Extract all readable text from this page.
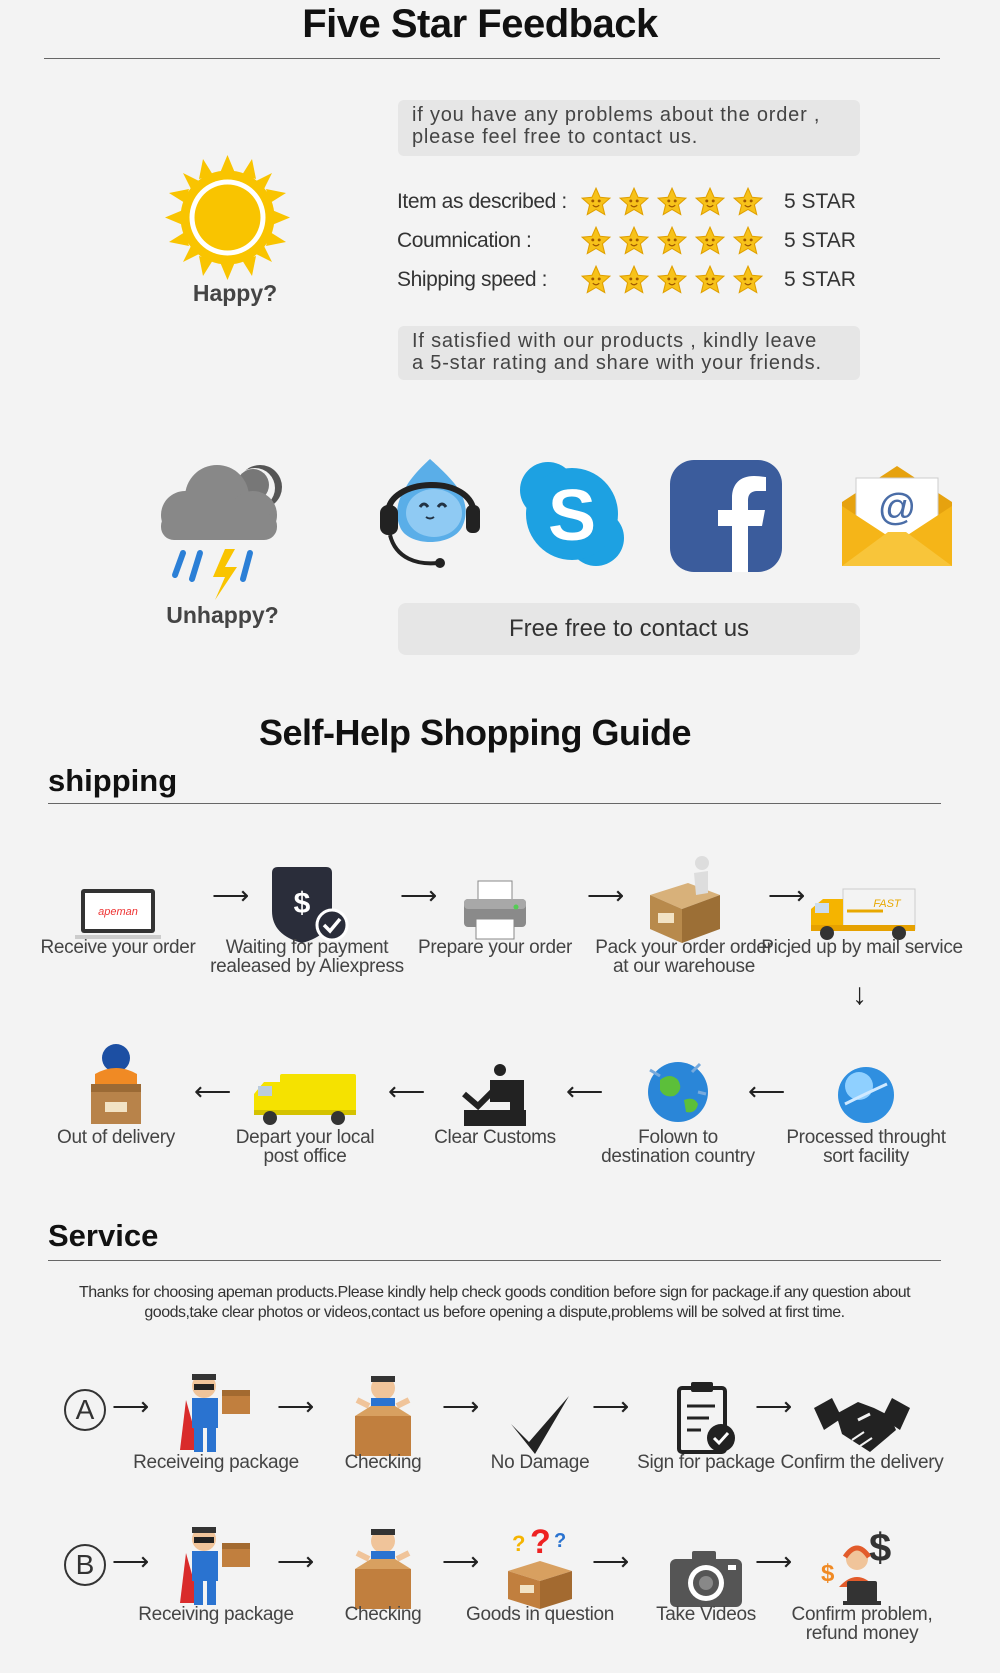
Five Star Feedback
if you have any problems about the order ,
please feel free to contact us.
Happy?
Item as described :	5 STAR
Coumnication :	5 STAR
Shipping speed :	5 STAR
If satisfied with our products , kindly leave
a 5-star rating and share with your friends.
Unhappy?
S	@
Free free to contact us
Self-Help Shopping Guide
shipping
apeman
Receive your order
$
Waiting for payment
realeased by Aliexpress
Prepare your order	Pack your order order
at our warehouse
FAST
Picjed up by mail service
Out of delivery	Depart your local
post office
Clear Customs	Folown to
destination country
Processed throught
sort facility
⟶	⟶	⟶	⟶
⟵	⟵	⟵	⟵
↓
Service
Thanks for choosing apeman products.Please kindly help check goods condition before sign for package.if any question about
goods,take clear photos or videos,contact us before opening a dispute,problems will be solved at first time.
A ⟶	⟶	⟶	⟶	⟶
Receiveing package	Checking	No Damage	Sign for package Confirm the delivery
B ⟶	⟶	⟶	⟶	⟶
Receiving package	Checking
? ? ?
Goods in question	Take Videos
$
$
Confirm problem,
refund money
